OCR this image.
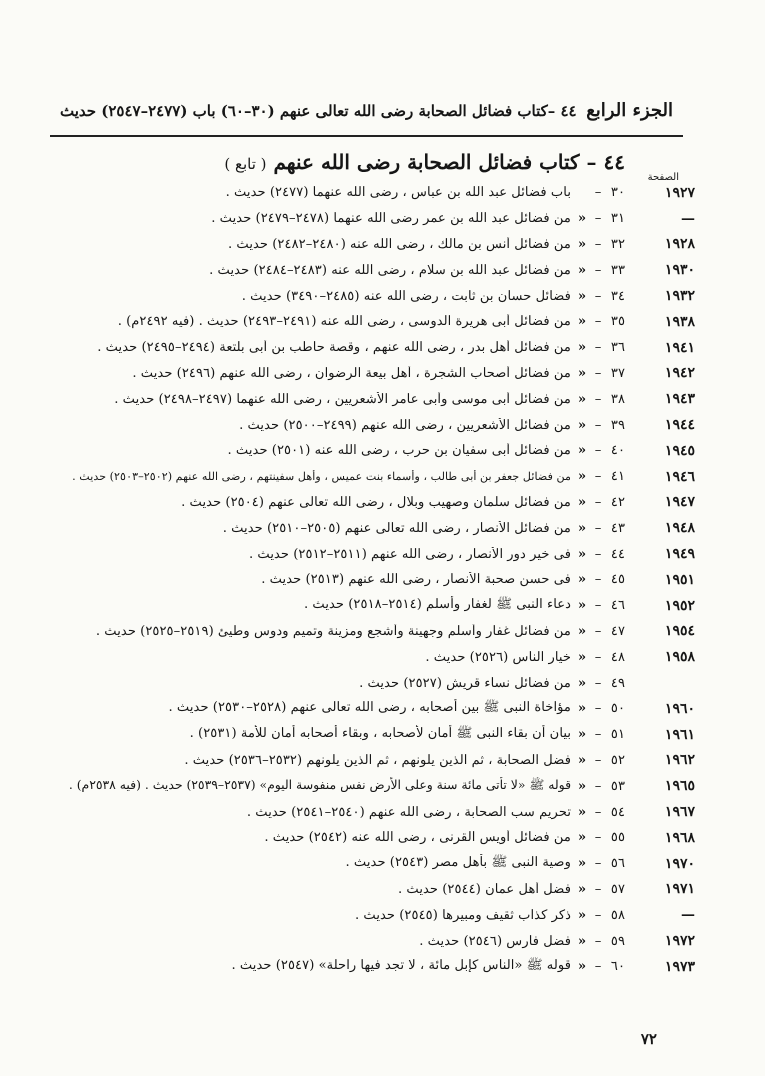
الجزء الرابع
٤٤ –كتاب فضائل الصحابة رضى الله تعالى عنهم (٣٠–٦٠) باب (٢٤٧٧–٢٥٤٧) حديث
الصفحة
٤٤ – كتاب فضائل الصحابة رضى الله عنهم ( تابع )
١٩٢٧
٣٠
–
باب فضائل عبد الله بن عباس ، رضى الله عنهما (٢٤٧٧) حديث .
—
٣١
–
«
من فضائل عبد الله بن عمر رضى الله عنهما (٢٤٧٨–٢٤٧٩) حديث .
١٩٢٨
٣٢
–
«
من فضائل أنس بن مالك ، رضى الله عنه (٢٤٨٠–٢٤٨٢) حديث .
١٩٣٠
٣٣
–
«
من فضائل عبد الله بن سلام ، رضى الله عنه (٢٤٨٣–٢٤٨٤) حديث .
١٩٣٢
٣٤
–
«
فضائل حسان بن ثابت ، رضى الله عنه (٢٤٨٥–٣٤٩٠) حديث .
١٩٣٨
٣٥
–
«
من فضائل أبى هريرة الدوسى ، رضى الله عنه (٢٤٩١–٢٤٩٣) حديث . (فيه ٢٤٩٢م) .
١٩٤١
٣٦
–
«
من فضائل أهل بدر ، رضى الله عنهم ، وقصة حاطب بن أبى بلتعة (٢٤٩٤–٢٤٩٥) حديث .
١٩٤٢
٣٧
–
«
من فضائل أصحاب الشجرة ، أهل بيعة الرضوان ، رضى الله عنهم (٢٤٩٦) حديث .
١٩٤٣
٣٨
–
«
من فضائل أبى موسى وأبى عامر الأشعريين ، رضى الله عنهما (٢٤٩٧–٢٤٩٨) حديث .
١٩٤٤
٣٩
–
«
من فضائل الأشعريين ، رضى الله عنهم (٢٤٩٩–٢٥٠٠) حديث .
١٩٤٥
٤٠
–
«
من فضائل أبى سفيان بن حرب ، رضى الله عنه (٢٥٠١) حديث .
١٩٤٦
٤١
–
«
من فضائل جعفر بن أبى طالب ، وأسماء بنت عميس ، وأهل سفينتهم ، رضى الله عنهم (٢٥٠٢–٢٥٠٣) حديث .
١٩٤٧
٤٢
–
«
من فضائل سلمان وصهيب وبلال ، رضى الله تعالى عنهم (٢٥٠٤) حديث .
١٩٤٨
٤٣
–
«
من فضائل الأنصار ، رضى الله تعالى عنهم (٢٥٠٥–٢٥١٠) حديث .
١٩٤٩
٤٤
–
«
فى خير دور الأنصار ، رضى الله عنهم (٢٥١١–٢٥١٢) حديث .
١٩٥١
٤٥
–
«
فى حسن صحبة الأنصار ، رضى الله عنهم (٢٥١٣) حديث .
١٩٥٢
٤٦
–
«
دعاء النبى ﷺ لغفار وأسلم (٢٥١٤–٢٥١٨) حديث .
١٩٥٤
٤٧
–
«
من فضائل غفار وأسلم وجهينة وأشجع ومزينة وتميم ودوس وطيئ (٢٥١٩–٢٥٢٥) حديث .
١٩٥٨
٤٨
–
«
خيار الناس (٢٥٢٦) حديث .
٤٩
–
«
من فضائل نساء قريش (٢٥٢٧) حديث .
١٩٦٠
٥٠
–
«
مؤاخاة النبى ﷺ بين أصحابه ، رضى الله تعالى عنهم (٢٥٢٨–٢٥٣٠) حديث .
١٩٦١
٥١
–
«
بيان أن بقاء النبى ﷺ أمان لأصحابه ، وبقاء أصحابه أمان للأمة (٢٥٣١) .
١٩٦٢
٥٢
–
«
فضل الصحابة ، ثم الذين يلونهم ، ثم الذين يلونهم (٢٥٣٢–٢٥٣٦) حديث .
١٩٦٥
٥٣
–
«
قوله ﷺ «لا تأتى مائة سنة وعلى الأرض نفس منفوسة اليوم» (٢٥٣٧–٢٥٣٩) حديث . (فيه ٢٥٣٨م) .
١٩٦٧
٥٤
–
«
تحريم سب الصحابة ، رضى الله عنهم (٢٥٤٠–٢٥٤١) حديث .
١٩٦٨
٥٥
–
«
من فضائل أويس القرنى ، رضى الله عنه (٢٥٤٢) حديث .
١٩٧٠
٥٦
–
«
وصية النبى ﷺ بأهل مصر (٢٥٤٣) حديث .
١٩٧١
٥٧
–
«
فضل أهل عمان (٢٥٤٤) حديث .
—
٥٨
–
«
ذكر كذاب ثقيف ومبيرها (٢٥٤٥) حديث .
١٩٧٢
٥٩
–
«
فضل فارس (٢٥٤٦) حديث .
١٩٧٣
٦٠
–
«
قوله ﷺ «الناس كإبل مائة ، لا تجد فيها راحلة» (٢٥٤٧) حديث .
٧٢
